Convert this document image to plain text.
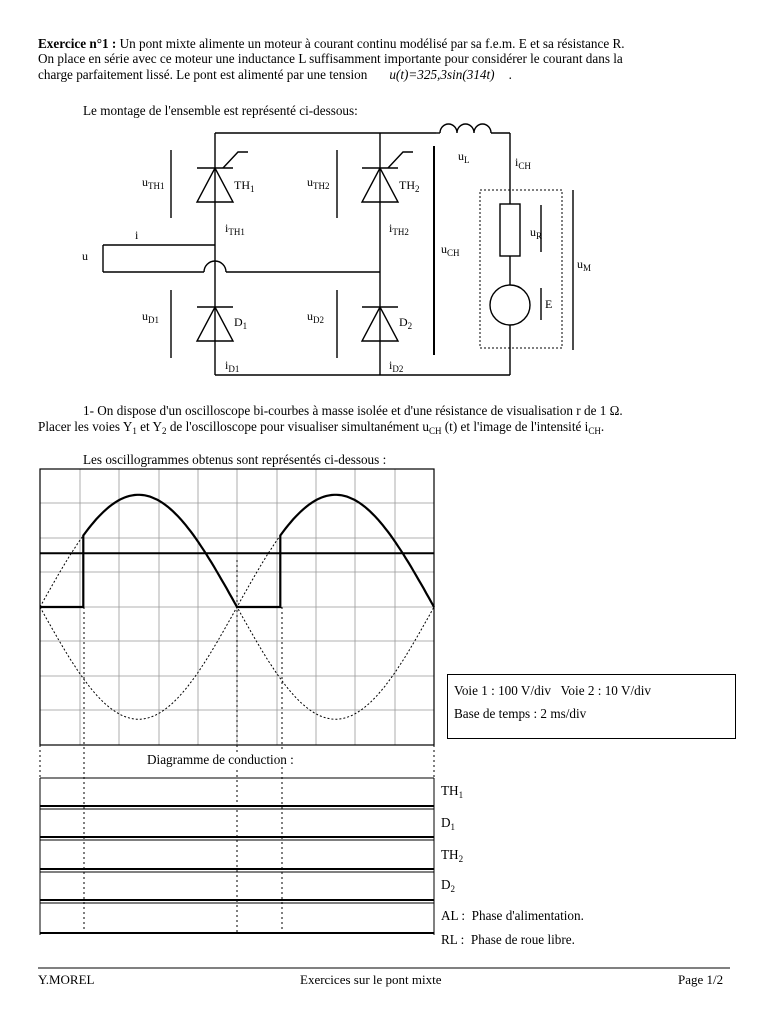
Exercice n°1 : Un pont mixte alimente un moteur à courant continu modélisé par sa f.e.m. E et sa résistance R.
On place en série avec ce moteur une inductance L suffisamment importante pour considérer le courant dans la
charge parfaitement lissé. Le pont est alimenté par une tension u(t)=325,3sin(314t) .
Le montage de l'ensemble est représenté ci-dessous:
$u_{TH1}$	$TH_1$	$u_{TH2}$	$TH_2$
i
u
$i_{TH1}$	$i_{TH2}$
$u_{CH}$
$u_L$	$i_{CH}$
$u_R$
$u_M$
E
$u_{D1}$	$D_1$
$u_{D2}$	$D_2$
$i_{D1}$	$i_{D2}$
1- On dispose d'un oscilloscope bi-courbes à masse isolée et d'une résistance de visualisation r de 1 Ω.
Placer les voies $Y_1$ et $Y_2$ de l'oscilloscope pour visualiser simultanément $u_{CH}$ (t) et l'image de l'intensité $i_{CH}$.
Les oscillogrammes obtenus sont représentés ci-dessous :
Voie 1 : 100 V/div   Voie 2 : 10 V/div
Base de temps : 2 ms/div
Diagramme de conduction :
$TH_1$
$D_1$
$TH_2$
$D_2$
AL :  Phase d'alimentation.
RL :  Phase de roue libre.
Y.MOREL	Exercices sur le pont mixte	Page 1/2
